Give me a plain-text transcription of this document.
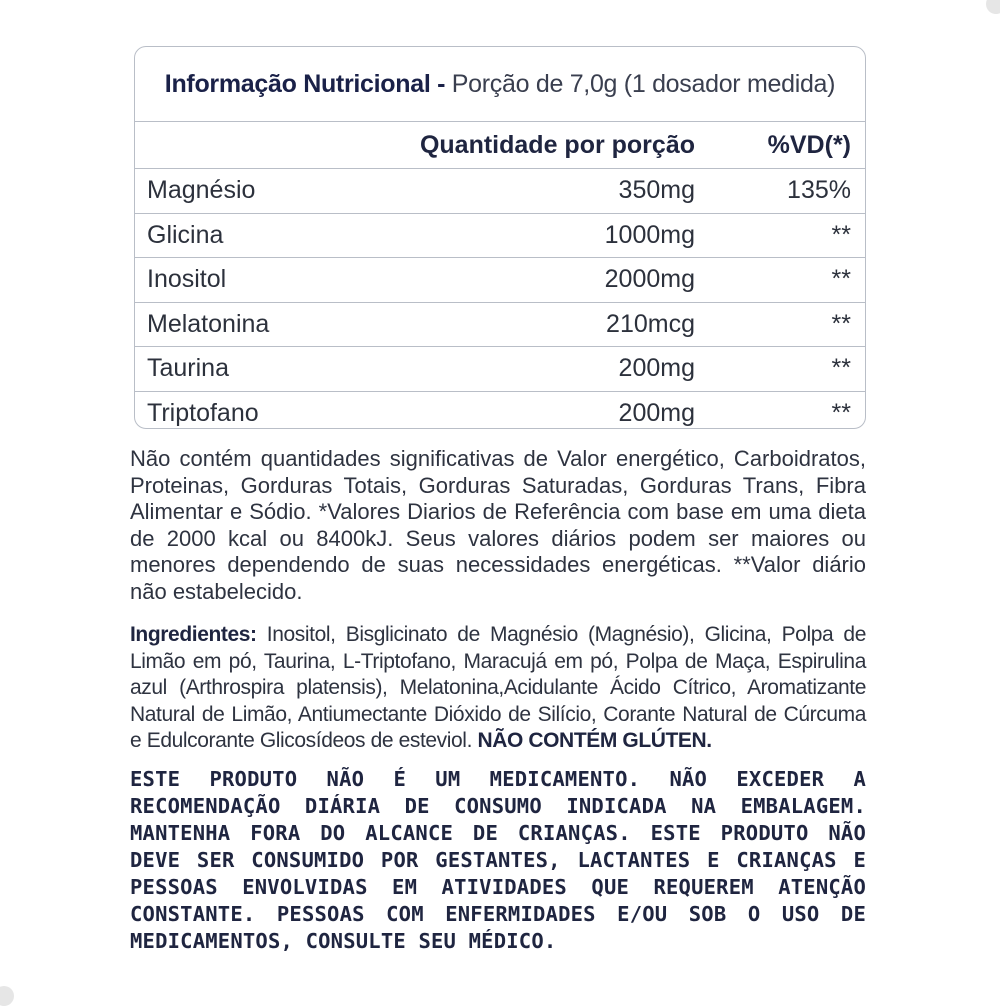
Informação Nutricional - Porção de 7,0g (1 dosador medida)
Quantidade por porção	%VD(*)
Magnésio	350mg	135%
Glicina	1000mg	**
Inositol	2000mg	**
Melatonina	210mcg	**
Taurina	200mg	**
Triptofano	200mg	**
Não contém quantidades significativas de Valor energético, Carboidratos, Proteinas, Gorduras Totais, Gorduras Saturadas, Gorduras Trans, Fibra Alimentar e Sódio. *Valores Diarios de Referência com base em uma dieta de 2000 kcal ou 8400kJ. Seus valores diários podem ser maiores ou menores dependendo de suas necessidades energéticas. **Valor diário não estabelecido.
Ingredientes: Inositol, Bisglicinato de Magnésio (Magnésio), Glicina, Polpa de Limão em pó, Taurina, L-Triptofano, Maracujá em pó, Polpa de Maça, Espirulina azul (Arthrospira platensis), Melatonina,Acidulante Ácido Cítrico, Aromatizante Natural de Limão, Antiumectante Dióxido de Silício, Corante Natural de Cúrcuma e Edulcorante Glicosídeos de esteviol. NÃO CONTÉM GLÚTEN.
ESTE PRODUTO NÃO É UM MEDICAMENTO. NÃO EXCEDER A RECOMENDAÇÃO DIÁRIA DE CONSUMO INDICADA NA EMBALAGEM. MANTENHA FORA DO ALCANCE DE CRIANÇAS. ESTE PRODUTO NÃO DEVE SER CONSUMIDO POR GESTANTES, LACTANTES E CRIANÇAS E PESSOAS ENVOLVIDAS EM ATIVIDADES QUE REQUEREM ATENÇÃO CONSTANTE. PESSOAS COM ENFERMIDADES E/OU SOB O USO DE MEDICAMENTOS, CONSULTE SEU MÉDICO.
